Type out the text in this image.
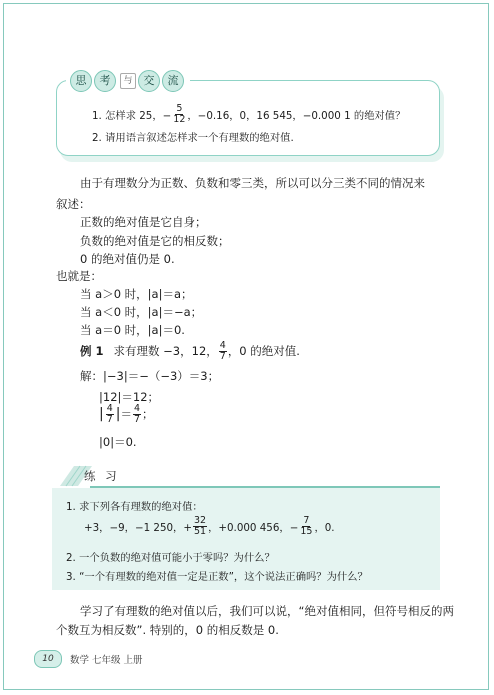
思	考	与	交	流
1. 怎样求 25，− $\frac{5}{12}$ ，−0.16，0，16 545，−0.000 1 的绝对值？
2. 请用语言叙述怎样求一个有理数的绝对值.
由于有理数分为正数、负数和零三类，所以可以分三类不同的情况来
叙述：
正数的绝对值是它自身；
负数的绝对值是它的相反数；
0 的绝对值仍是 0.
也就是：
当 a＞0 时，|a|＝a；
当 a＜0 时，|a|＝−a；
当 a＝0 时，|a|＝0.
例 1 求有理数 −3，12， $\frac{4}{7}$ ，0 的绝对值.
解：|−3|＝−（−3）＝3；
|12|＝12；
| $\frac{4}{7}$ | ＝ $\frac{4}{7}$ ；
|0|＝0.
练 习
1. 求下列各有理数的绝对值：
+3，−9，−1 250，+ $\frac{32}{51}$ ，+0.000 456，− $\frac{7}{15}$ ，0.
2. 一个负数的绝对值可能小于零吗？为什么？
3. “一个有理数的绝对值一定是正数”，这个说法正确吗？为什么？
学习了有理数的绝对值以后，我们可以说，“绝对值相同，但符号相反的两
个数互为相反数”. 特别的，0 的相反数是 0.
10	数学 七年级 上册
